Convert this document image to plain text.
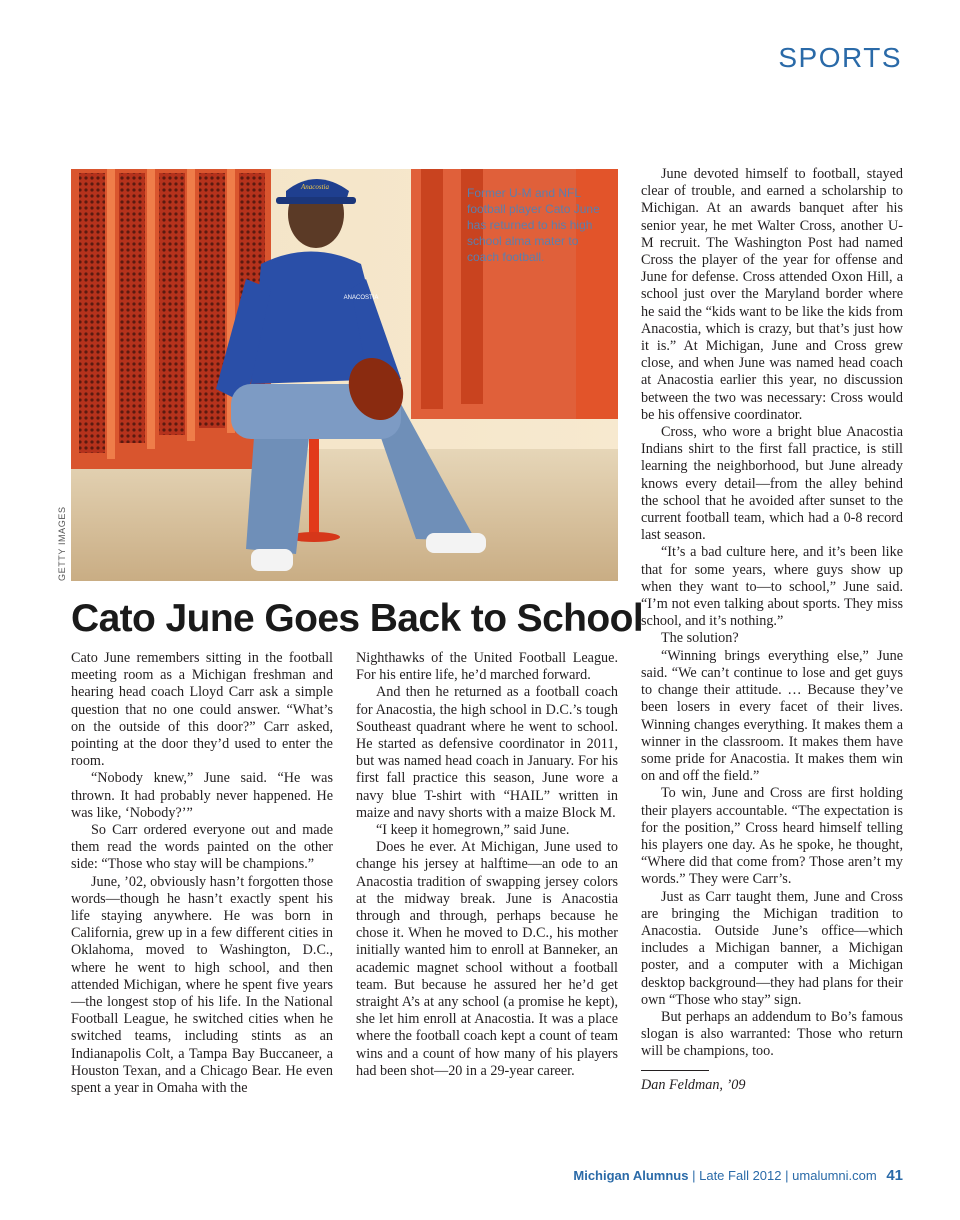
SPORTS
Anacostia
ANACOSTIA
Former U-M and NFL football player Cato June has returned to his high school alma mater to coach football.
GETTY IMAGES
Cato June Goes Back to School

Cato June remembers sitting in the football meeting room as a Michigan freshman and hearing head coach Lloyd Carr ask a simple question that no one could answer. “What’s on the outside of this door?” Carr asked, pointing at the door they’d used to enter the room.

“Nobody knew,” June said. “He was thrown. It had probably never happened. He was like, ‘Nobody?’”

So Carr ordered everyone out and made them read the words painted on the other side: “Those who stay will be champions.”

June, ’02, obviously hasn’t forgotten those words—though he hasn’t exactly spent his life staying anywhere. He was born in California, grew up in a few different cities in Oklahoma, moved to Washington, D.C., where he went to high school, and then attended Michigan, where he spent five years—the longest stop of his life. In the National Football League, he switched cities when he switched teams, including stints as an Indianapolis Colt, a Tampa Bay Buccaneer, a Houston Texan, and a Chicago Bear. He even spent a year in Omaha with the

Nighthawks of the United Football League. For his entire life, he’d marched forward.

And then he returned as a football coach for Anacostia, the high school in D.C.’s tough Southeast quadrant where he went to school. He started as defensive coordinator in 2011, but was named head coach in January. For his first fall practice this season, June wore a navy blue T-shirt with “HAIL” written in maize and navy shorts with a maize Block M.

“I keep it homegrown,” said June.

Does he ever. At Michigan, June used to change his jersey at halftime—an ode to an Anacostia tradition of swapping jersey colors at the midway break. June is Anacostia through and through, perhaps because he chose it. When he moved to D.C., his mother initially wanted him to enroll at Banneker, an academic magnet school without a football team. But because he assured her he’d get straight A’s at any school (a promise he kept), she let him enroll at Anacostia. It was a place where the football coach kept a count of team wins and a count of how many of his players had been shot—20 in a 29-year career.

June devoted himself to football, stayed clear of trouble, and earned a scholarship to Michigan. At an awards banquet after his senior year, he met Walter Cross, another U-M recruit. The Washington Post had named Cross the player of the year for offense and June for defense. Cross attended Oxon Hill, a school just over the Maryland border where he said the “kids want to be like the kids from Anacostia, which is crazy, but that’s just how it is.” At Michigan, June and Cross grew close, and when June was named head coach at Anacostia earlier this year, no discussion between the two was necessary: Cross would be his offensive coordinator.

Cross, who wore a bright blue Anacostia Indians shirt to the first fall practice, is still learning the neighborhood, but June already knows every detail—from the alley behind the school that he avoided after sunset to the current football team, which had a 0-8 record last season.

“It’s a bad culture here, and it’s been like that for some years, where guys show up when they want to—to school,” June said. “I’m not even talking about sports. They miss school, and it’s nothing.”

The solution?

“Winning brings everything else,” June said. “We can’t continue to lose and get guys to change their attitude. … Because they’ve been losers in every facet of their lives. Winning changes everything. It makes them a winner in the classroom. It makes them have some pride for Anacostia. It makes them win on and off the field.”

To win, June and Cross are first holding their players accountable. “The expectation is for the position,” Cross heard himself telling his players one day. As he spoke, he thought, “Where did that come from? Those aren’t my words.” They were Carr’s.

Just as Carr taught them, June and Cross are bringing the Michigan tradition to Anacostia. Outside June’s office—which includes a Michigan banner, a Michigan poster, and a computer with a Michigan desktop background—they had plans for their own “Those who stay” sign.

But perhaps an addendum to Bo’s famous slogan is also warranted: Those who return will be champions, too.

Dan Feldman, ’09

Michigan Alumnus | Late Fall 2012 | umalumni.com 41
